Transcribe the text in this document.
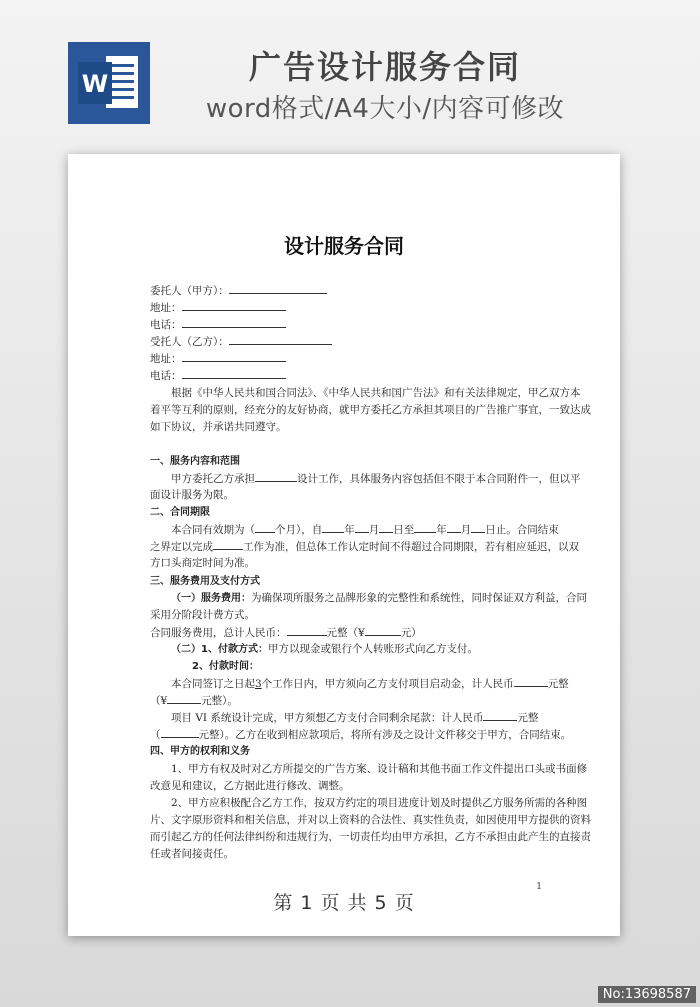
W	广告设计服务合同
word格式/A4大小/内容可修改
设计服务合同
委托人（甲方）：
地址：
电话：
受托人（乙方）：
地址：
电话：
根据《中华人民共和国合同法》、《中华人民共和国广告法》和有关法律规定，甲乙双方本
着平等互利的原则，经充分的友好协商，就甲方委托乙方承担其项目的广告推广事宜，一致达成
如下协议，并承诺共同遵守。
一、服务内容和范围
甲方委托乙方承担	设计工作，具体服务内容包括但不限于本合同附件一，但以平
面设计服务为限。
二、合同期限
本合同有效期为（ 个月），自 年 月 日至 年 月 日止。合同结束
之界定以完成	工作为准，但总体工作认定时间不得超过合同期限，若有相应延迟，以双
方口头商定时间为准。
三、服务费用及支付方式
（一）服务费用：为确保项所服务之品牌形象的完整性和系统性，同时保证双方利益，合同
采用分阶段计费方式。
合同服务费用，总计人民币：	元整（¥	元）
（二）1、付款方式：甲方以现金或银行个人转账形式向乙方支付。
2、付款时间：
本合同签订之日起3个工作日内，甲方须向乙方支付项目启动金，计人民币	元整
（¥	元整）。
项目 VI 系统设计完成，甲方须想乙方支付合同剩余尾款：计人民币	元整
（	元整）。乙方在收到相应款项后，将所有涉及之设计文件移交于甲方，合同结束。
四、甲方的权利和义务
1、甲方有权及时对乙方所提交的广告方案、设计稿和其他书面工作文件提出口头或书面修
改意见和建议，乙方据此进行修改、调整。
2、甲方应积极配合乙方工作，按双方约定的项目进度计划及时提供乙方服务所需的各种图
片、文字原形资料和相关信息，并对以上资料的合法性、真实性负责，如因使用甲方提供的资料
而引起乙方的任何法律纠纷和违规行为，一切责任均由甲方承担，乙方不承担由此产生的直接责
任或者间接责任。
1
第 1 页 共 5 页
No:13698587
